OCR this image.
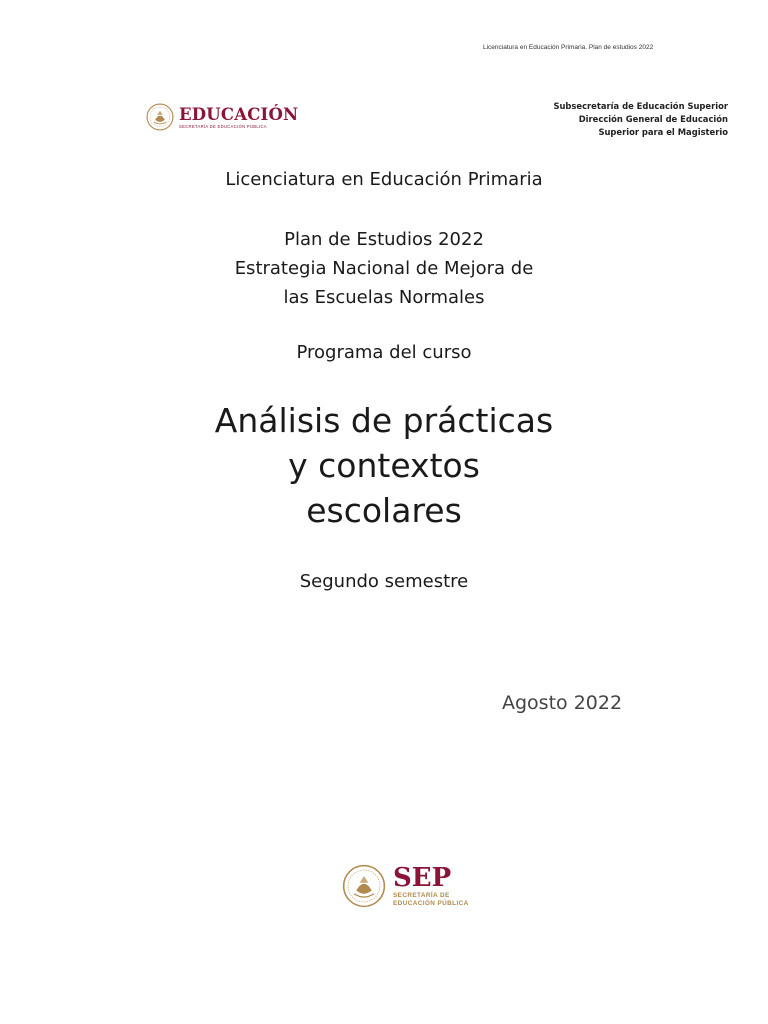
Licenciatura en Educación Primaria. Plan de estudios 2022
EDUCACIÓN
SECRETARÍA DE EDUCACIÓN PÚBLICA
Subsecretaría de Educación Superior
Dirección General de Educación
Superior para el Magisterio
Licenciatura en Educación Primaria
Plan de Estudios 2022
Estrategia Nacional de Mejora de
las Escuelas Normales
Programa del curso
Análisis de prácticas
y contextos
escolares
Segundo semestre
Agosto 2022
SEP
SECRETARÍA DE
EDUCACIÓN PÚBLICA
